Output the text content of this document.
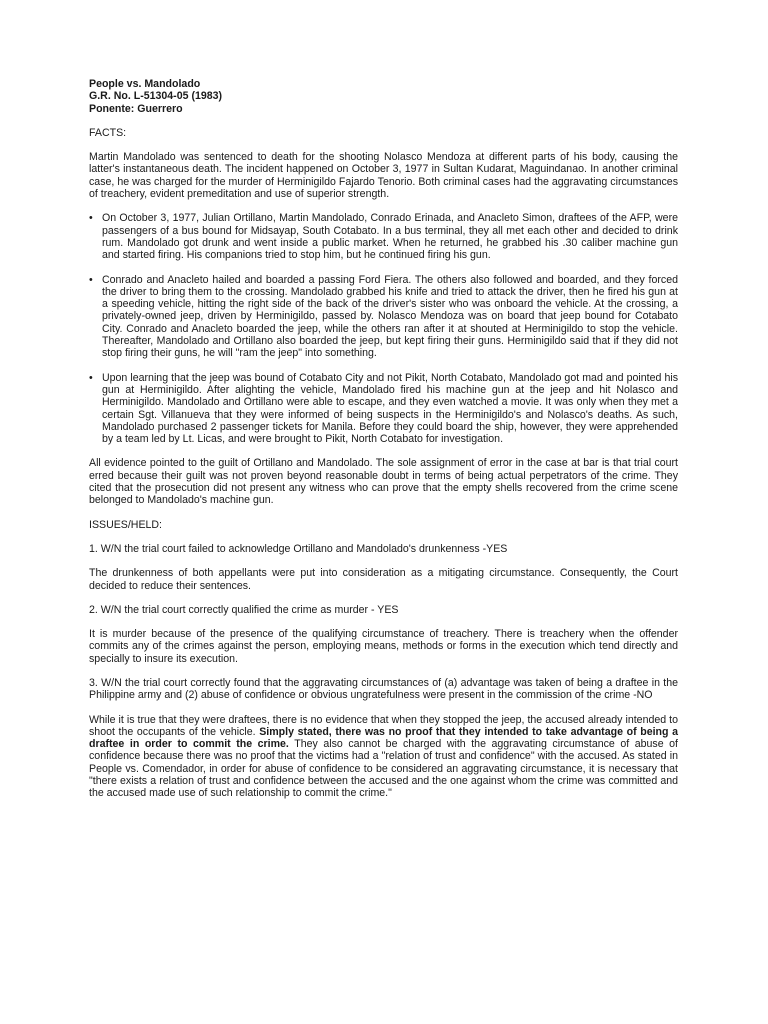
People vs. Mandolado
G.R. No. L-51304-05 (1983)
Ponente: Guerrero

FACTS:

Martin Mandolado was sentenced to death for the shooting Nolasco Mendoza at different parts of his body, causing the latter's instantaneous death. The incident happened on October 3, 1977 in Sultan Kudarat, Maguindanao. In another criminal case, he was charged for the murder of Herminigildo Fajardo Tenorio. Both criminal cases had the aggravating circumstances of treachery, evident premeditation and use of superior strength.

• On October 3, 1977, Julian Ortillano, Martin Mandolado, Conrado Erinada, and Anacleto Simon, draftees of the AFP, were passengers of a bus bound for Midsayap, South Cotabato. In a bus terminal, they all met each other and decided to drink rum. Mandolado got drunk and went inside a public market. When he returned, he grabbed his .30 caliber machine gun and started firing. His companions tried to stop him, but he continued firing his gun.
• Conrado and Anacleto hailed and boarded a passing Ford Fiera. The others also followed and boarded, and they forced the driver to bring them to the crossing. Mandolado grabbed his knife and tried to attack the driver, then he fired his gun at a speeding vehicle, hitting the right side of the back of the driver's sister who was onboard the vehicle. At the crossing, a privately-owned jeep, driven by Herminigildo, passed by. Nolasco Mendoza was on board that jeep bound for Cotabato City. Conrado and Anacleto boarded the jeep, while the others ran after it at shouted at Herminigildo to stop the vehicle. Thereafter, Mandolado and Ortillano also boarded the jeep, but kept firing their guns. Herminigildo said that if they did not stop firing their guns, he will "ram the jeep" into something.
• Upon learning that the jeep was bound of Cotabato City and not Pikit, North Cotabato, Mandolado got mad and pointed his gun at Herminigildo. After alighting the vehicle, Mandolado fired his machine gun at the jeep and hit Nolasco and Herminigildo. Mandolado and Ortillano were able to escape, and they even watched a movie. It was only when they met a certain Sgt. Villanueva that they were informed of being suspects in the Herminigildo's and Nolasco's deaths. As such, Mandolado purchased 2 passenger tickets for Manila. Before they could board the ship, however, they were apprehended by a team led by Lt. Licas, and were brought to Pikit, North Cotabato for investigation.

All evidence pointed to the guilt of Ortillano and Mandolado. The sole assignment of error in the case at bar is that trial court erred because their guilt was not proven beyond reasonable doubt in terms of being actual perpetrators of the crime. They cited that the prosecution did not present any witness who can prove that the empty shells recovered from the crime scene belonged to Mandolado's machine gun.

ISSUES/HELD:

1. W/N the trial court failed to acknowledge Ortillano and Mandolado's drunkenness -YES

The drunkenness of both appellants were put into consideration as a mitigating circumstance. Consequently, the Court decided to reduce their sentences.

2. W/N the trial court correctly qualified the crime as murder - YES

It is murder because of the presence of the qualifying circumstance of treachery. There is treachery when the offender commits any of the crimes against the person, employing means, methods or forms in the execution which tend directly and specially to insure its execution.

3. W/N the trial court correctly found that the aggravating circumstances of (a) advantage was taken of being a draftee in the Philippine army and (2) abuse of confidence or obvious ungratefulness were present in the commission of the crime -NO

While it is true that they were draftees, there is no evidence that when they stopped the jeep, the accused already intended to shoot the occupants of the vehicle. Simply stated, there was no proof that they intended to take advantage of being a draftee in order to commit the crime. They also cannot be charged with the aggravating circumstance of abuse of confidence because there was no proof that the victims had a "relation of trust and confidence" with the accused. As stated in People vs. Comendador, in order for abuse of confidence to be considered an aggravating circumstance, it is necessary that "there exists a relation of trust and confidence between the accused and the one against whom the crime was committed and the accused made use of such relationship to commit the crime."
